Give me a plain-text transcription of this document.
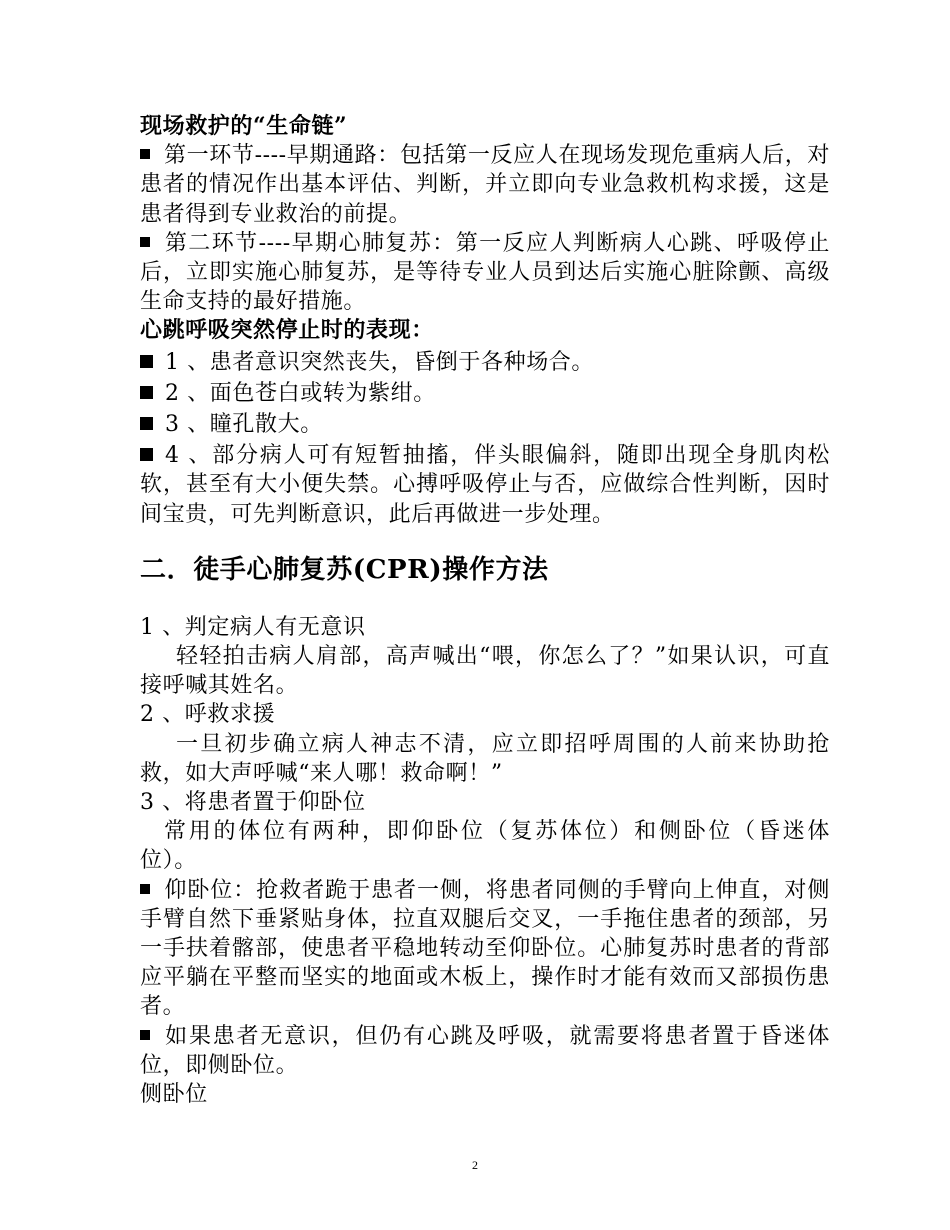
现场救护的“生命链”

第一环节----早期通路：包括第一反应人在现场发现危重病人后，对患者的情况作出基本评估、判断，并立即向专业急救机构求援，这是患者得到专业救治的前提。

第二环节----早期心肺复苏：第一反应人判断病人心跳、呼吸停止后，立即实施心肺复苏，是等待专业人员到达后实施心脏除颤、高级生命支持的最好措施。

心跳呼吸突然停止时的表现：

1 、患者意识突然丧失，昏倒于各种场合。

2 、面色苍白或转为紫绀。

3 、瞳孔散大。

4 、部分病人可有短暂抽搐，伴头眼偏斜，随即出现全身肌肉松软，甚至有大小便失禁。心搏呼吸停止与否，应做综合性判断，因时间宝贵，可先判断意识，此后再做进一步处理。

二．徒手心肺复苏(CPR)操作方法

1 、判定病人有无意识

轻轻拍击病人肩部，高声喊出“喂，你怎么了？”如果认识，可直接呼喊其姓名。

2 、呼救求援

一旦初步确立病人神志不清，应立即招呼周围的人前来协助抢救，如大声呼喊“来人哪！救命啊！”

3 、将患者置于仰卧位

常用的体位有两种，即仰卧位（复苏体位）和侧卧位（昏迷体位）。

仰卧位：抢救者跪于患者一侧，将患者同侧的手臂向上伸直，对侧手臂自然下垂紧贴身体，拉直双腿后交叉，一手拖住患者的颈部，另一手扶着髂部，使患者平稳地转动至仰卧位。心肺复苏时患者的背部应平躺在平整而坚实的地面或木板上，操作时才能有效而又部损伤患者。

如果患者无意识，但仍有心跳及呼吸，就需要将患者置于昏迷体位，即侧卧位。

侧卧位

2
